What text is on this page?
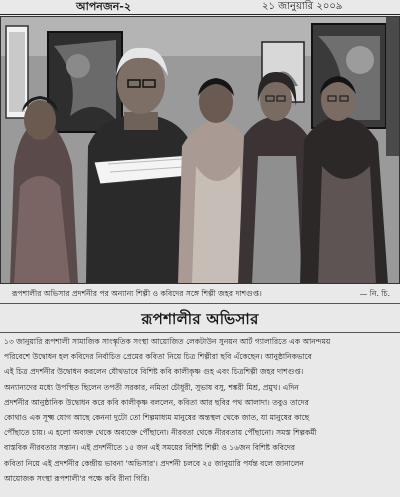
আপনজন-২	২১ জানুয়ারি ২০০৯
রূপশালীর অভিসার প্রদর্শনীর পর অন্যান্য শিল্পী ও কবিদের সঙ্গে শিল্পী জহর দাশগুপ্ত।	— নি. চি.
রূপশালীর অভিসার
১৩ জানুয়ারি রূপশালী সামাজিক সাংস্কৃতিক সংস্থা আয়োজিত লেকটাউন সুনয়ন আর্ট গ্যালারিতে এক আনন্দময়
পরিবেশে উদ্বোধন হল কবিদের নির্বাচিত প্রেমের কবিতা নিয়ে চিত্র শিল্পীরা ছবি এঁকেছেন। আনুষ্ঠানিকভাবে
এই চিত্র প্রদর্শনীর উদ্বোধন করলেন যৌথভাবে বিশিষ্ট কবি কালীকৃষ্ণ গুহ এবং চিত্রশিল্পী জহর দাশগুপ্ত।
অন্যান্যদের মধ্যে উপস্থিত ছিলেন তপতী সরকার, নমিতা চৌধুরী, সুভাষ বসু, শঙ্করী মিশ্র, প্রমুখ। এদিন
প্রদর্শনীর আনুষ্ঠানিক উদ্বোধন করে কবি কালীকৃষ্ণ বললেন, কবিতা আর ছবির পথ আলাদা। তবুও তাদের
কোথাও এক সূক্ষ্ম যোগ আছে কেননা দুটো তো শিল্পমাধ্যম মানুষের অন্তস্থল থেকে জাত, যা মানুষের কাছে
পৌঁছাতে চায়। এ হলো অব্যক্ত থেকে অব্যক্তে পৌঁছানো। নীরবতা থেকে নীরবতায় পৌঁছানো। সমস্ত শিল্পকর্মী
বাস্তবিক নীরবতার সন্তান। এই প্রদর্শনীতে ১৫ জন এই সময়ের বিশিষ্ট শিল্পী ও ১৬জন বিশিষ্ট কবিদের
কবিতা নিয়ে এই প্রদর্শনীর কেন্দ্রীয় ভাবনা 'অভিসার'। প্রদর্শনী চলবে ২৫ জানুয়ারি পর্যন্ত বলে জানালেন
আয়োজক সংস্থা রূপশালী'র পক্ষে কবি রীনা গিরি।
